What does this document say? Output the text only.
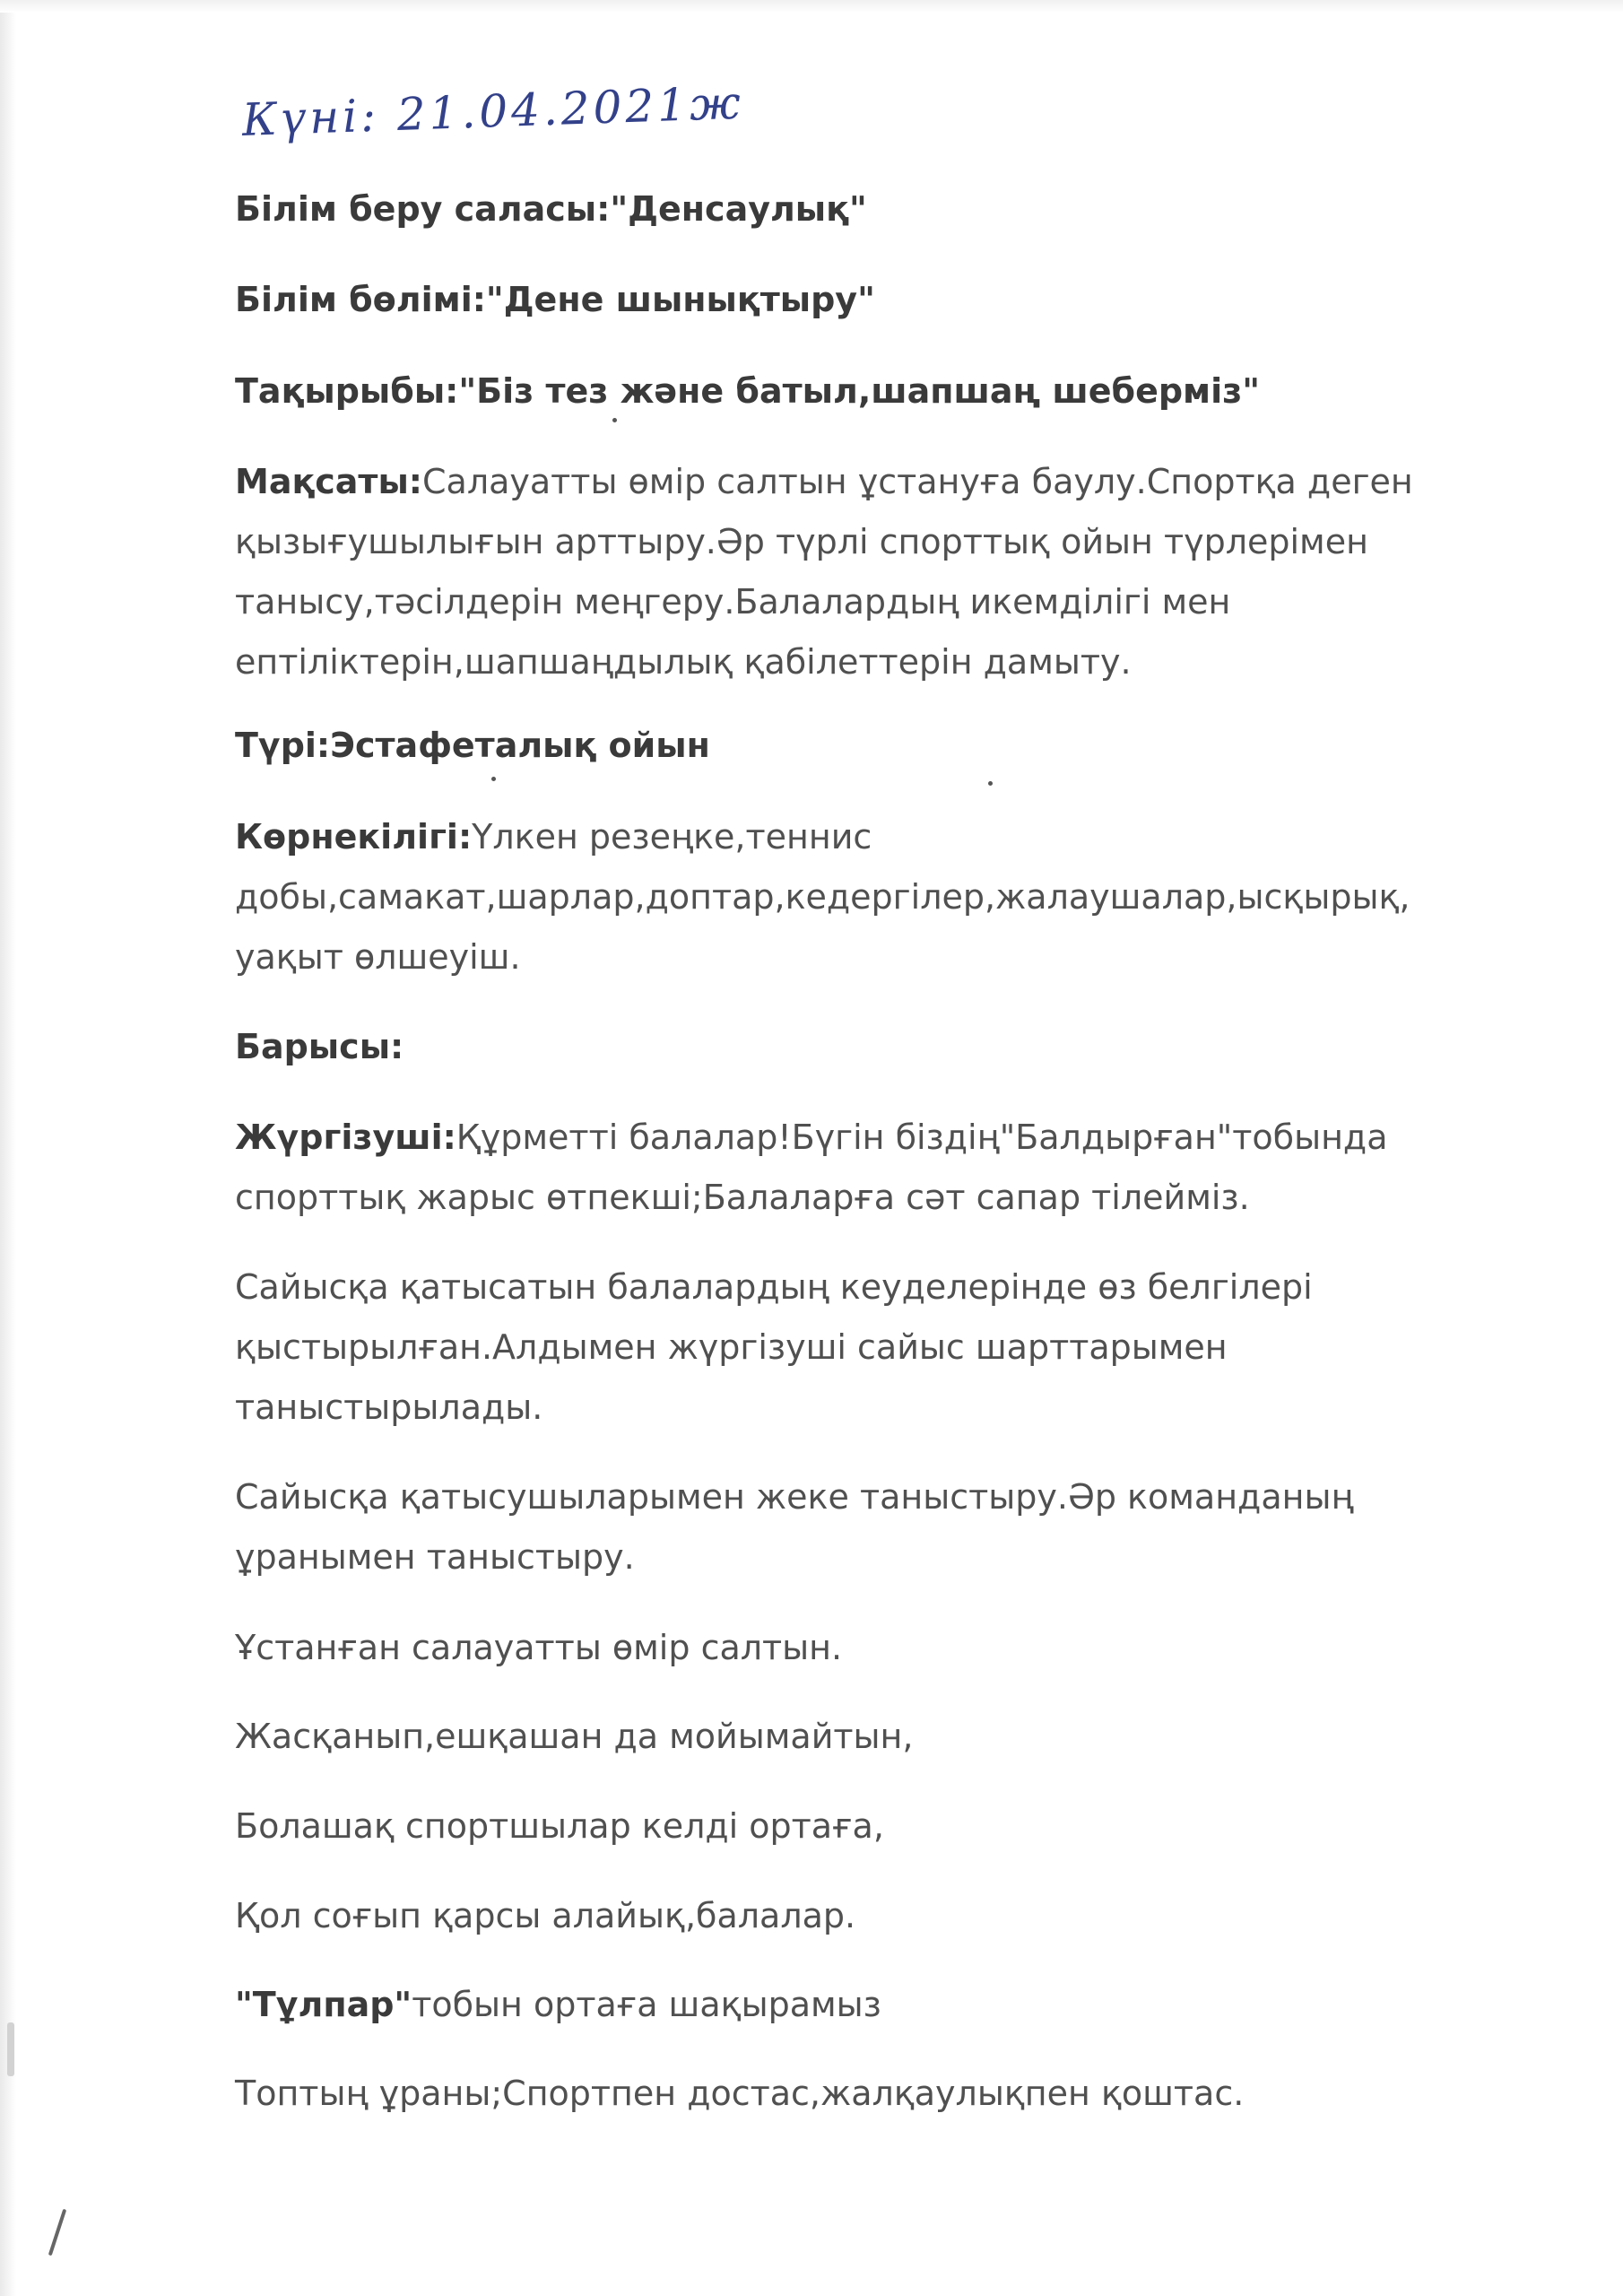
Күні: 21.04.2021ж
Білім беру саласы:"Денсаулық"
Білім бөлімі:"Дене шынықтыру"
Тақырыбы:"Біз тез және батыл,шапшаң шеберміз"
Мақсаты:Салауатты өмір салтын ұстануға баулу.Спортқа деген
қызығушылығын арттыру.Әр түрлі спорттық ойын түрлерімен
танысу,тәсілдерін меңгеру.Балалардың икемділігі мен
ептіліктерін,шапшаңдылық қабілеттерін дамыту.
Түрі:Эстафеталық ойын
Көрнекілігі:Үлкен резеңке,теннис
добы,самакат,шарлар,доптар,кедергілер,жалаушалар,ысқырық,
уақыт өлшеуіш.
Барысы:
Жүргізуші:Құрметті балалар!Бүгін біздің"Балдырған"тобында
спорттық жарыс өтпекші;Балаларға сәт сапар тілейміз.
Сайысқа қатысатын балалардың кеуделерінде өз белгілері
қыстырылған.Алдымен жүргізуші сайыс шарттарымен
таныстырылады.
Сайысқа қатысушыларымен жеке таныстыру.Әр команданың
ұранымен таныстыру.
Ұстанған салауатты өмір салтын.
Жасқанып,ешқашан да мойымайтын,
Болашақ спортшылар келді ортаға,
Қол соғып қарсы алайық,балалар.
"Тұлпар"тобын ортаға шақырамыз
Топтың ұраны;Спортпен достас,жалқаулықпен қоштас.
